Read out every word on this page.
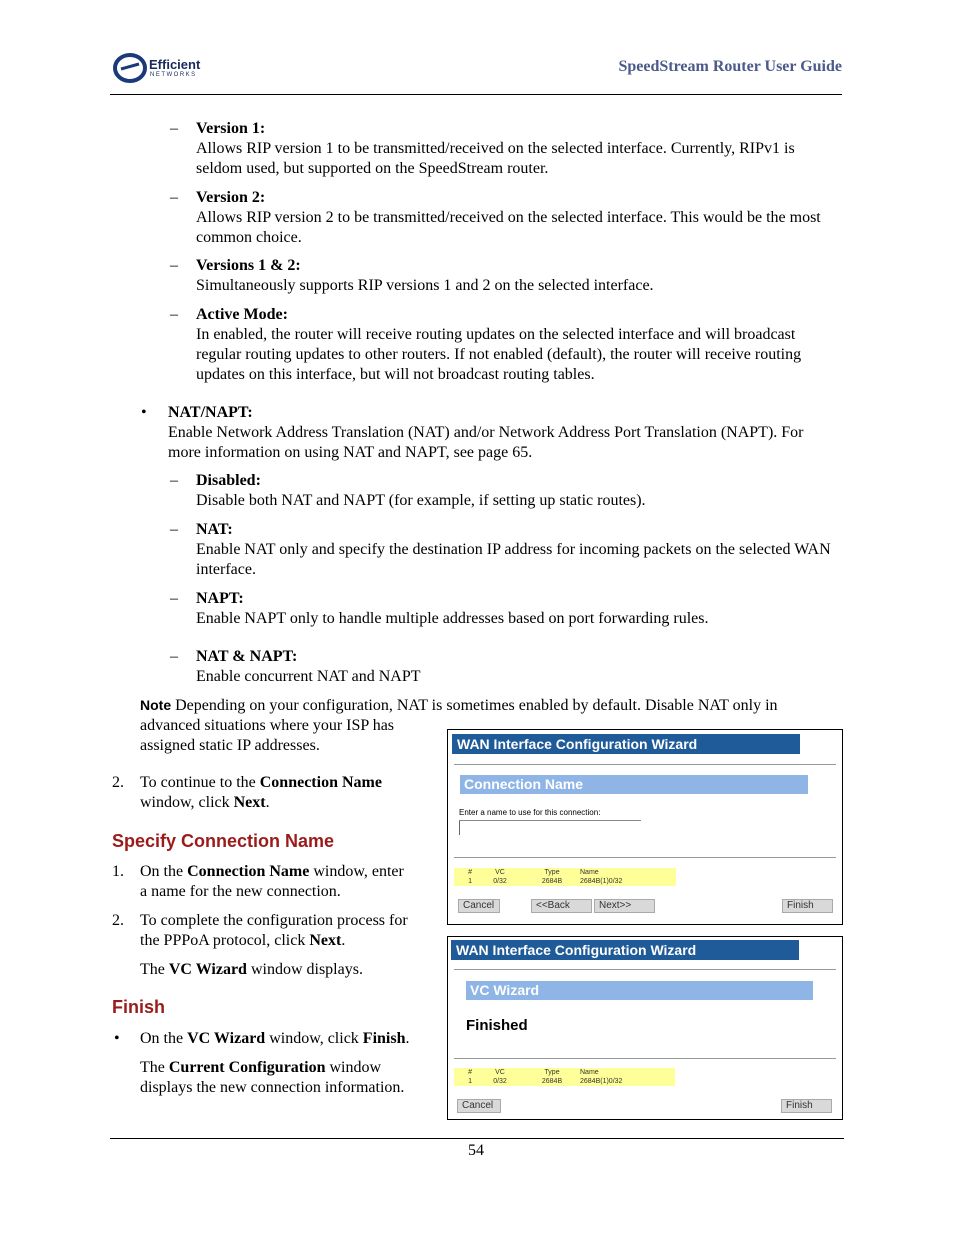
Efficient
NETWORKS	SpeedStream Router User Guide
– Version 1:
Allows RIP version 1 to be transmitted/received on the selected interface. Currently, RIPv1 is seldom used, but supported on the SpeedStream router.
– Version 2:
Allows RIP version 2 to be transmitted/received on the selected interface. This would be the most common choice.
– Versions 1 & 2:
Simultaneously supports RIP versions 1 and 2 on the selected interface.
– Active Mode:
In enabled, the router will receive routing updates on the selected interface and will broadcast regular routing updates to other routers. If not enabled (default), the router will receive routing updates on this interface, but will not broadcast routing tables.
• NAT/NAPT:
Enable Network Address Translation (NAT) and/or Network Address Port Translation (NAPT). For more information on using NAT and NAPT, see page 65.
– Disabled:
Disable both NAT and NAPT (for example, if setting up static routes).
– NAT:
Enable NAT only and specify the destination IP address for incoming packets on the selected WAN interface.
– NAPT:
Enable NAPT only to handle multiple addresses based on port forwarding rules.
– NAT & NAPT:
Enable concurrent NAT and NAPT
Note Depending on your configuration, NAT is sometimes enabled by default. Disable NAT only in
advanced situations where your ISP has
assigned static IP addresses.
2. To continue to the Connection Name
window, click Next.
Specify Connection Name
1. On the Connection Name window, enter
a name for the new connection.
2. To complete the configuration process for
the PPPoA protocol, click Next.
The VC Wizard window displays.
Finish
• On the VC Wizard window, click Finish.
The Current Configuration window
displays the new connection information.
WAN Interface Configuration Wizard
Connection Name
Enter a name to use for this connection:
#	VC	Type	Name
1	0/32	2684B	2684B(1)0/32
Cancel	<<Back	Next>>	Finish
WAN Interface Configuration Wizard
VC Wizard
Finished
#	VC	Type	Name
1	0/32	2684B	2684B(1)0/32
Cancel	Finish
54
